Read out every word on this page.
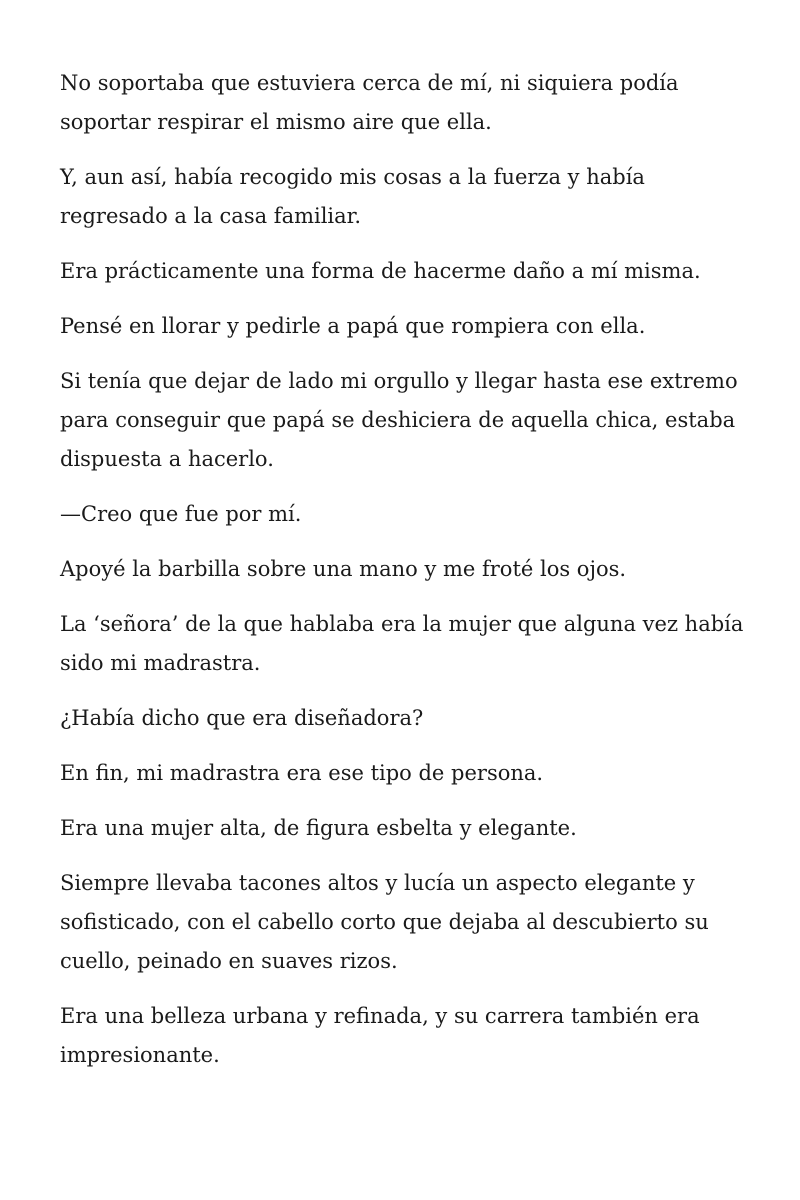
No soportaba que estuviera cerca de mí, ni siquiera podía soportar respirar el mismo aire que ella.

Y, aun así, había recogido mis cosas a la fuerza y había regresado a la casa familiar.

Era prácticamente una forma de hacerme daño a mí misma.

Pensé en llorar y pedirle a papá que rompiera con ella.

Si tenía que dejar de lado mi orgullo y llegar hasta ese extremo para conseguir que papá se deshiciera de aquella chica, estaba dispuesta a hacerlo.

—Creo que fue por mí.

Apoyé la barbilla sobre una mano y me froté los ojos.

La ‘señora’ de la que hablaba era la mujer que alguna vez había sido mi madrastra.

¿Había dicho que era diseñadora?

En fin, mi madrastra era ese tipo de persona.

Era una mujer alta, de figura esbelta y elegante.

Siempre llevaba tacones altos y lucía un aspecto elegante y sofisticado, con el cabello corto que dejaba al descubierto su cuello, peinado en suaves rizos.

Era una belleza urbana y refinada, y su carrera también era impresionante.
